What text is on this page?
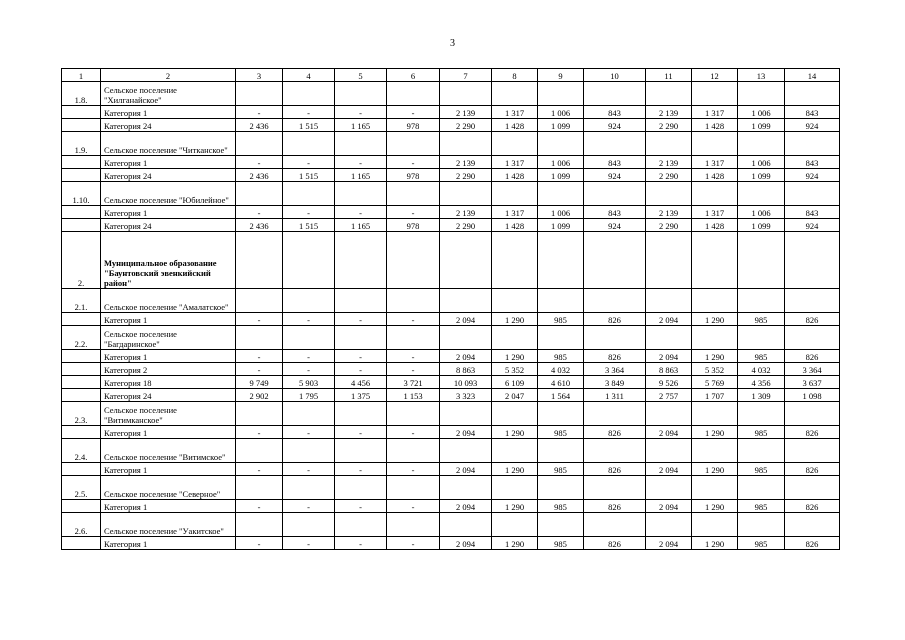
3
1	2	3	4	5	6	7	8	9	10	11	12	13	14
1.8.	Сельское поселение "Хилганайское"												
	Категория 1	-	-	-	-	2 139	1 317	1 006	843	2 139	1 317	1 006	843
	Категория 24	2 436	1 515	1 165	978	2 290	1 428	1 099	924	2 290	1 428	1 099	924
1.9.	Сельское поселение "Читканское"												
	Категория 1	-	-	-	-	2 139	1 317	1 006	843	2 139	1 317	1 006	843
	Категория 24	2 436	1 515	1 165	978	2 290	1 428	1 099	924	2 290	1 428	1 099	924
1.10.	Сельское поселение "Юбилейное"												
	Категория 1	-	-	-	-	2 139	1 317	1 006	843	2 139	1 317	1 006	843
	Категория 24	2 436	1 515	1 165	978	2 290	1 428	1 099	924	2 290	1 428	1 099	924
2.	Муниципальное образование "Баунтовский эвенкийский район"												
2.1.	Сельское поселение "Амалатское"												
	Категория 1	-	-	-	-	2 094	1 290	985	826	2 094	1 290	985	826
2.2.	Сельское поселение "Багдаринское"												
	Категория 1	-	-	-	-	2 094	1 290	985	826	2 094	1 290	985	826
	Категория 2	-	-	-	-	8 863	5 352	4 032	3 364	8 863	5 352	4 032	3 364
	Категория 18	9 749	5 903	4 456	3 721	10 093	6 109	4 610	3 849	9 526	5 769	4 356	3 637
	Категория 24	2 902	1 795	1 375	1 153	3 323	2 047	1 564	1 311	2 757	1 707	1 309	1 098
2.3.	Сельское поселение "Витимканское"												
	Категория 1	-	-	-	-	2 094	1 290	985	826	2 094	1 290	985	826
2.4.	Сельское поселение "Витимское"												
	Категория 1	-	-	-	-	2 094	1 290	985	826	2 094	1 290	985	826
2.5.	Сельское поселение "Северное"												
	Категория 1	-	-	-	-	2 094	1 290	985	826	2 094	1 290	985	826
2.6.	Сельское поселение "Уакитское"												
	Категория 1	-	-	-	-	2 094	1 290	985	826	2 094	1 290	985	826
